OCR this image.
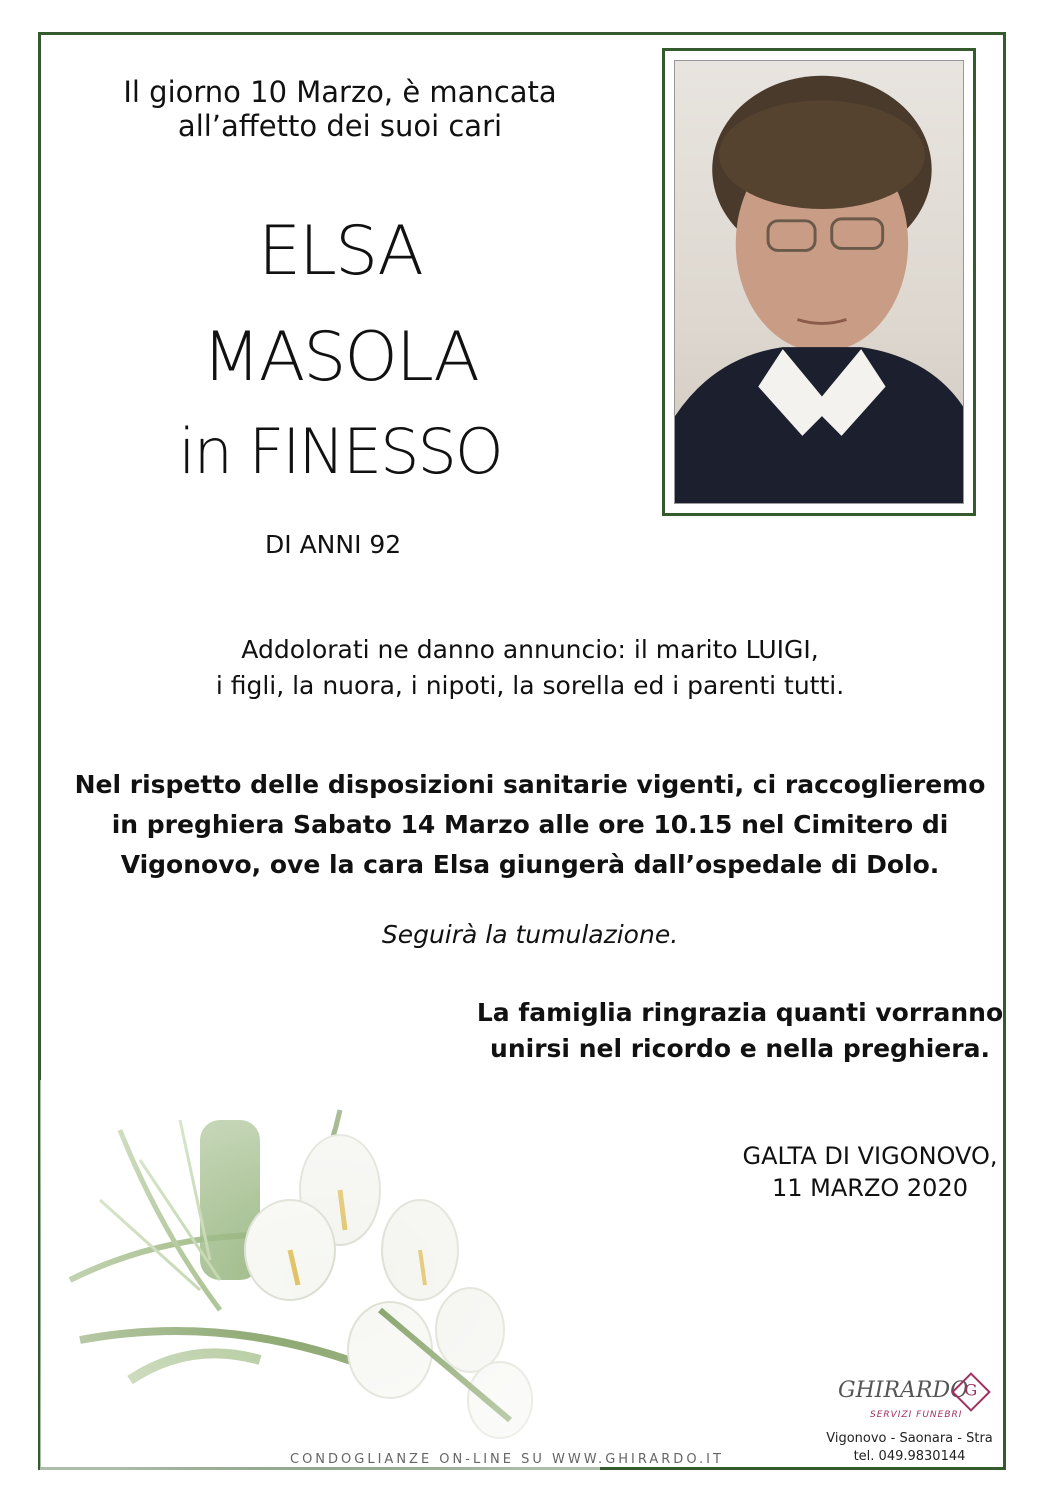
Il giorno 10 Marzo, è mancata
all’affetto dei suoi cari

ELSA

MASOLA

in FINESSO

DI ANNI 92

Addolorati ne danno annuncio: il marito LUIGI,
i figli, la nuora, i nipoti, la sorella ed i parenti tutti.

Nel rispetto delle disposizioni sanitarie vigenti, ci raccoglieremo
in preghiera Sabato 14 Marzo alle ore 10.15 nel Cimitero di
Vigonovo, ove la cara Elsa giungerà dall’ospedale di Dolo.

Seguirà la tumulazione.

La famiglia ringrazia quanti vorranno
unirsi nel ricordo e nella preghiera.

GALTA DI VIGONOVO,
11 MARZO 2020

CONDOGLIANZE ON-LINE SU WWW.GHIRARDO.IT

GHIRARDO
SERVIZI FUNEBRI
G

Vigonovo - Saonara - Stra
tel. 049.9830144
